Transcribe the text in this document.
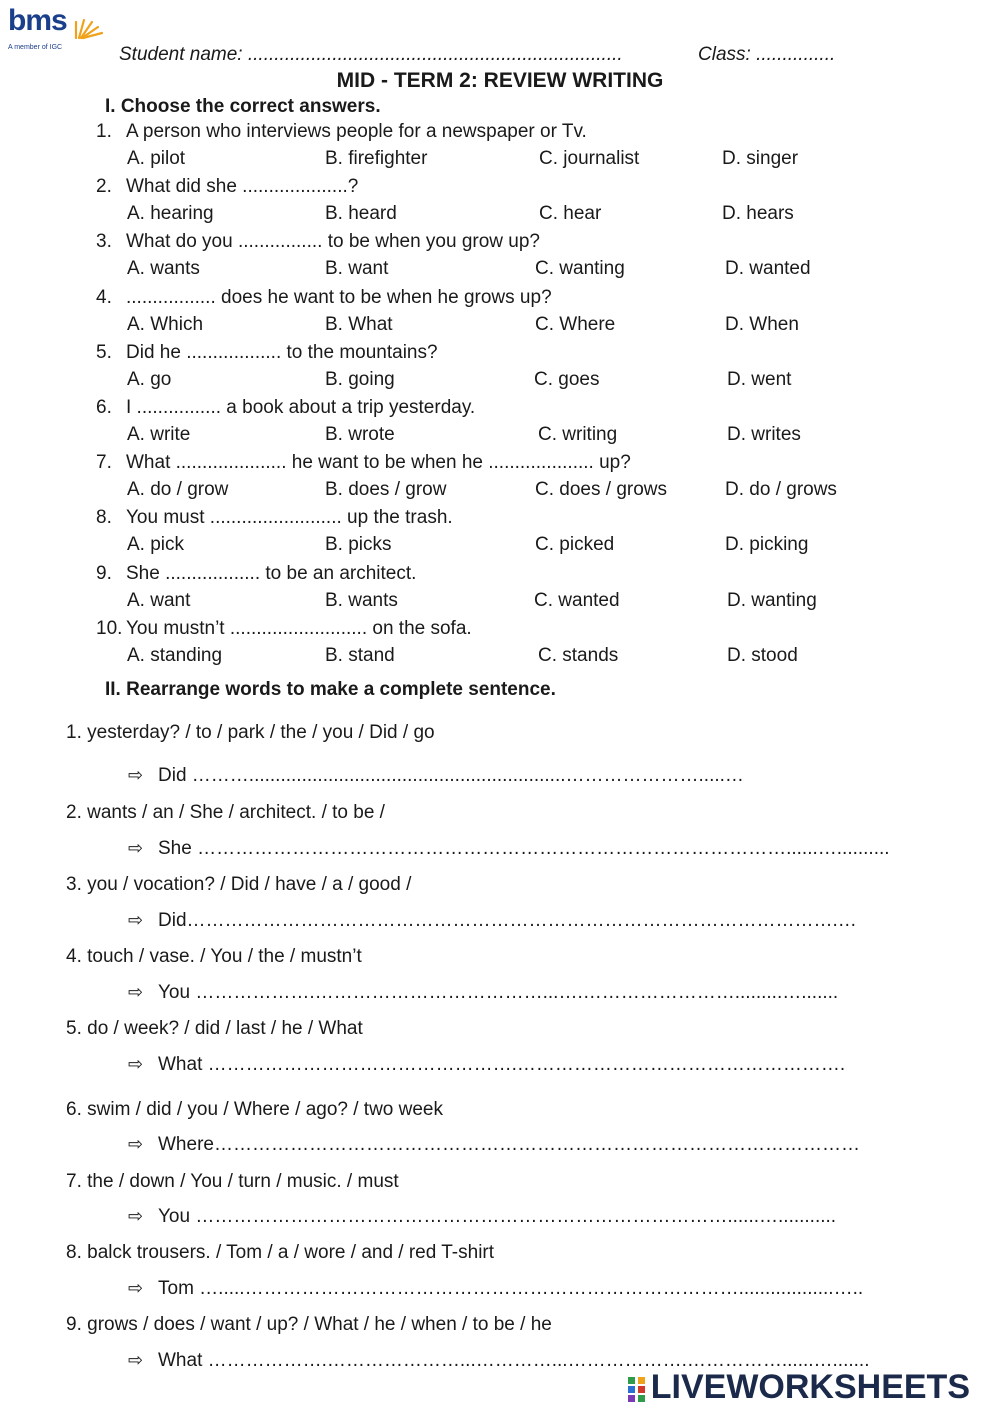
bms
A member of IGC	Student name: .......................................................................	Class: ...............
MID - TERM 2: REVIEW WRITING
I. Choose the correct answers.
1. A person who interviews people for a newspaper or Tv.
A. pilot	B. firefighter	C. journalist	D. singer
2. What did she ....................?
A. hearing	B. heard	C. hear	D. hears
3. What do you ................ to be when you grow up?
A. wants	B. want	C. wanting	D. wanted
4. ................. does he want to be when he grows up?
A. Which	B. What	C. Where	D. When
5. Did he .................. to the mountains?
A. go	B. going	C. goes	D. went
6. I ................ a book about a trip yesterday.
A. write	B. wrote	C. writing	D. writes
7. What ..................... he want to be when he .................... up?
A. do / grow	B. does / grow	C. does / grows	D. do / grows
8. You must ......................... up the trash.
A. pick	B. picks	C. picked	D. picking
9. She .................. to be an architect.
A. want	B. wants	C. wanted	D. wanting
10. You mustn’t .......................... on the sofa.
A. standing	B. stand	C. stands	D. stood
II. Rearrange words to make a complete sentence.
1. yesterday? / to / park / the / you / Did / go
⇨ Did ………............................................................………………….....…
2. wants / an / She / architect. / to be /
⇨ She …………………………………………………………………………………......…..........
3. you / vocation? / Did / have / a / good /
⇨ Did………………………………………………………………………………………….…
4. touch / vase. / You / the / mustn’t
⇨ You ……………….………………………………...….…………………….........….......
5. do / week? / did / last / he / What
⇨ What ………………………………………….…………………………………………….
6. swim / did / you / Where / ago? / two week
⇨ Where…………………………………………………………………………………………
7. the / down / You / turn / music. / must
⇨ You …………………………………………………………………………......…...........
8. balck trousers. / Tom / a / wore / and / red T-shirt
⇨ Tom ….....……………………………………………………………………..................…..
9. grows / does / want / up? / What / he / when / to be / he
⇨ What ……………….…………………...…………...……………….……………......….......
LIVEWORKSHEETS
